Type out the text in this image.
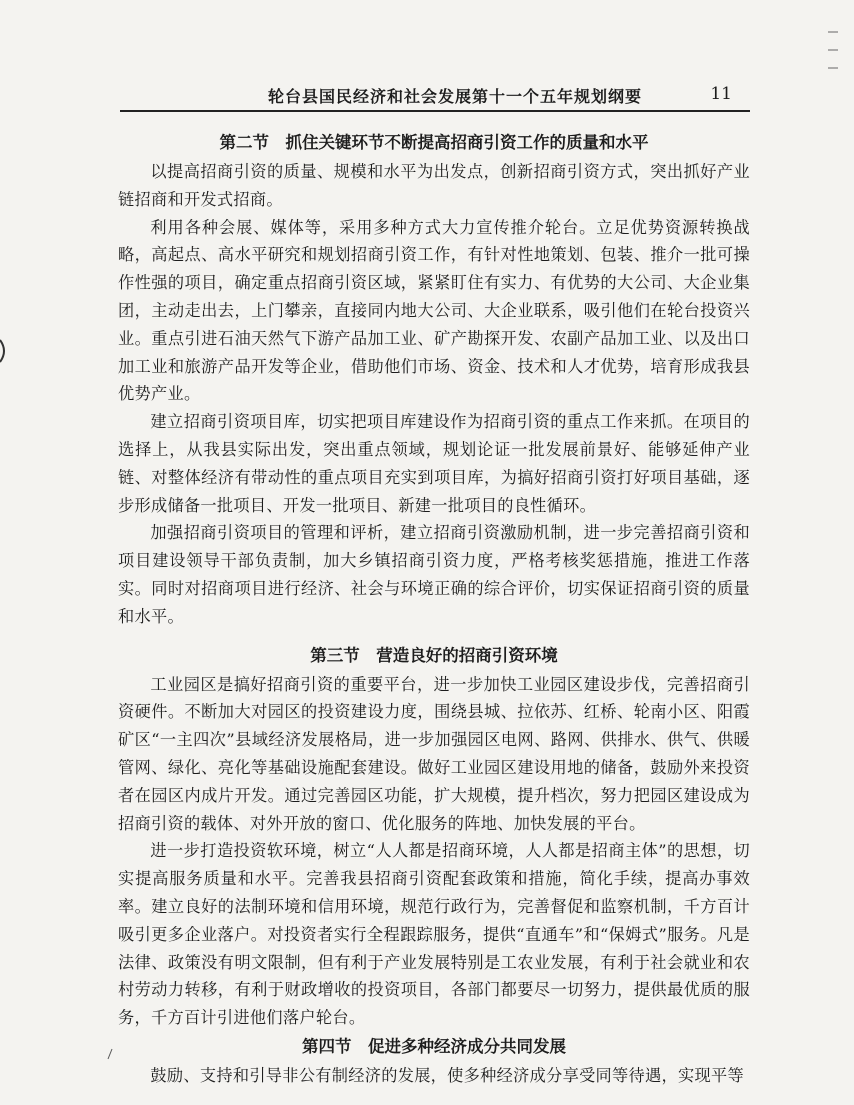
轮台县国民经济和社会发展第十一个五年规划纲要	11
第二节　抓住关键环节不断提高招商引资工作的质量和水平

以提高招商引资的质量、规模和水平为出发点，创新招商引资方式，突出抓好产业链招商和开发式招商。

利用各种会展、媒体等，采用多种方式大力宣传推介轮台。立足优势资源转换战略，高起点、高水平研究和规划招商引资工作，有针对性地策划、包装、推介一批可操作性强的项目，确定重点招商引资区域，紧紧盯住有实力、有优势的大公司、大企业集团，主动走出去，上门攀亲，直接同内地大公司、大企业联系，吸引他们在轮台投资兴业。重点引进石油天然气下游产品加工业、矿产勘探开发、农副产品加工业、以及出口加工业和旅游产品开发等企业，借助他们市场、资金、技术和人才优势，培育形成我县优势产业。

建立招商引资项目库，切实把项目库建设作为招商引资的重点工作来抓。在项目的选择上，从我县实际出发，突出重点领域，规划论证一批发展前景好、能够延伸产业链、对整体经济有带动性的重点项目充实到项目库，为搞好招商引资打好项目基础，逐步形成储备一批项目、开发一批项目、新建一批项目的良性循环。

加强招商引资项目的管理和评析，建立招商引资激励机制，进一步完善招商引资和项目建设领导干部负责制，加大乡镇招商引资力度，严格考核奖惩措施，推进工作落实。同时对招商项目进行经济、社会与环境正确的综合评价，切实保证招商引资的质量和水平。

第三节　营造良好的招商引资环境

工业园区是搞好招商引资的重要平台，进一步加快工业园区建设步伐，完善招商引资硬件。不断加大对园区的投资建设力度，围绕县城、拉依苏、红桥、轮南小区、阳霞矿区“一主四次”县域经济发展格局，进一步加强园区电网、路网、供排水、供气、供暖管网、绿化、亮化等基础设施配套建设。做好工业园区建设用地的储备，鼓励外来投资者在园区内成片开发。通过完善园区功能，扩大规模，提升档次，努力把园区建设成为招商引资的载体、对外开放的窗口、优化服务的阵地、加快发展的平台。

进一步打造投资软环境，树立“人人都是招商环境，人人都是招商主体”的思想，切实提高服务质量和水平。完善我县招商引资配套政策和措施，简化手续，提高办事效率。建立良好的法制环境和信用环境，规范行政行为，完善督促和监察机制，千方百计吸引更多企业落户。对投资者实行全程跟踪服务，提供“直通车”和“保姆式”服务。凡是法律、政策没有明文限制，但有利于产业发展特别是工农业发展，有利于社会就业和农村劳动力转移，有利于财政增收的投资项目，各部门都要尽一切努力，提供最优质的服务，千方百计引进他们落户轮台。

第四节　促进多种经济成分共同发展

鼓励、支持和引导非公有制经济的发展，使多种经济成分享受同等待遇，实现平等
